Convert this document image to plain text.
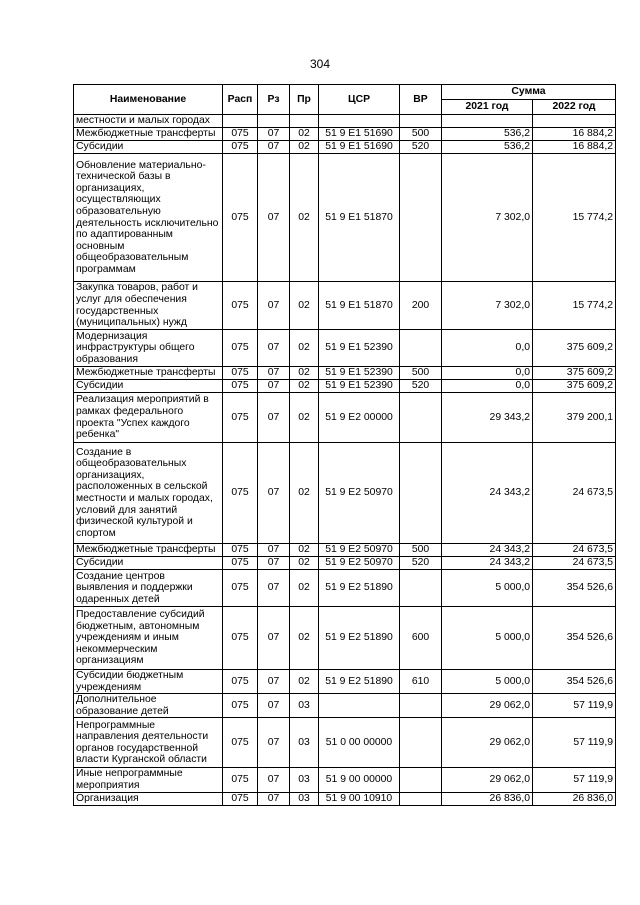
304
Наименование	Расп	Рз	Пр	ЦСР	ВР	Сумма	
						2021 год	2022 год
местности и малых городах							
Межбюджетные трансферты	075	07	02	51 9 E1 51690	500	536,2	16 884,2
Субсидии	075	07	02	51 9 E1 51690	520	536,2	16 884,2
Обновление материально-технической базы в организациях, осуществляющих образовательную деятельность исключительно по адаптированным основным общеобразовательным программам	075	07	02	51 9 E1 51870		7 302,0	15 774,2
Закупка товаров, работ и услуг для обеспечения государственных (муниципальных) нужд	075	07	02	51 9 E1 51870	200	7 302,0	15 774,2
Модернизация инфраструктуры общего образования	075	07	02	51 9 E1 52390		0,0	375 609,2
Межбюджетные трансферты	075	07	02	51 9 E1 52390	500	0,0	375 609,2
Субсидии	075	07	02	51 9 E1 52390	520	0,0	375 609,2
Реализация мероприятий в рамках федерального проекта "Успех каждого ребенка"	075	07	02	51 9 E2 00000		29 343,2	379 200,1
Создание в общеобразовательных организациях, расположенных в сельской местности и малых городах, условий для занятий физической культурой и спортом	075	07	02	51 9 E2 50970		24 343,2	24 673,5
Межбюджетные трансферты	075	07	02	51 9 E2 50970	500	24 343,2	24 673,5
Субсидии	075	07	02	51 9 E2 50970	520	24 343,2	24 673,5
Создание центров выявления и поддержки одаренных детей	075	07	02	51 9 E2 51890		5 000,0	354 526,6
Предоставление субсидий бюджетным, автономным учреждениям и иным некоммерческим организациям	075	07	02	51 9 E2 51890	600	5 000,0	354 526,6
Субсидии бюджетным учреждениям	075	07	02	51 9 E2 51890	610	5 000,0	354 526,6
Дополнительное образование детей	075	07	03			29 062,0	57 119,9
Непрограммные направления деятельности органов государственной власти Курганской области	075	07	03	51 0 00 00000		29 062,0	57 119,9
Иные непрограммные мероприятия	075	07	03	51 9 00 00000		29 062,0	57 119,9
Организация	075	07	03	51 9 00 10910		26 836,0	26 836,0
